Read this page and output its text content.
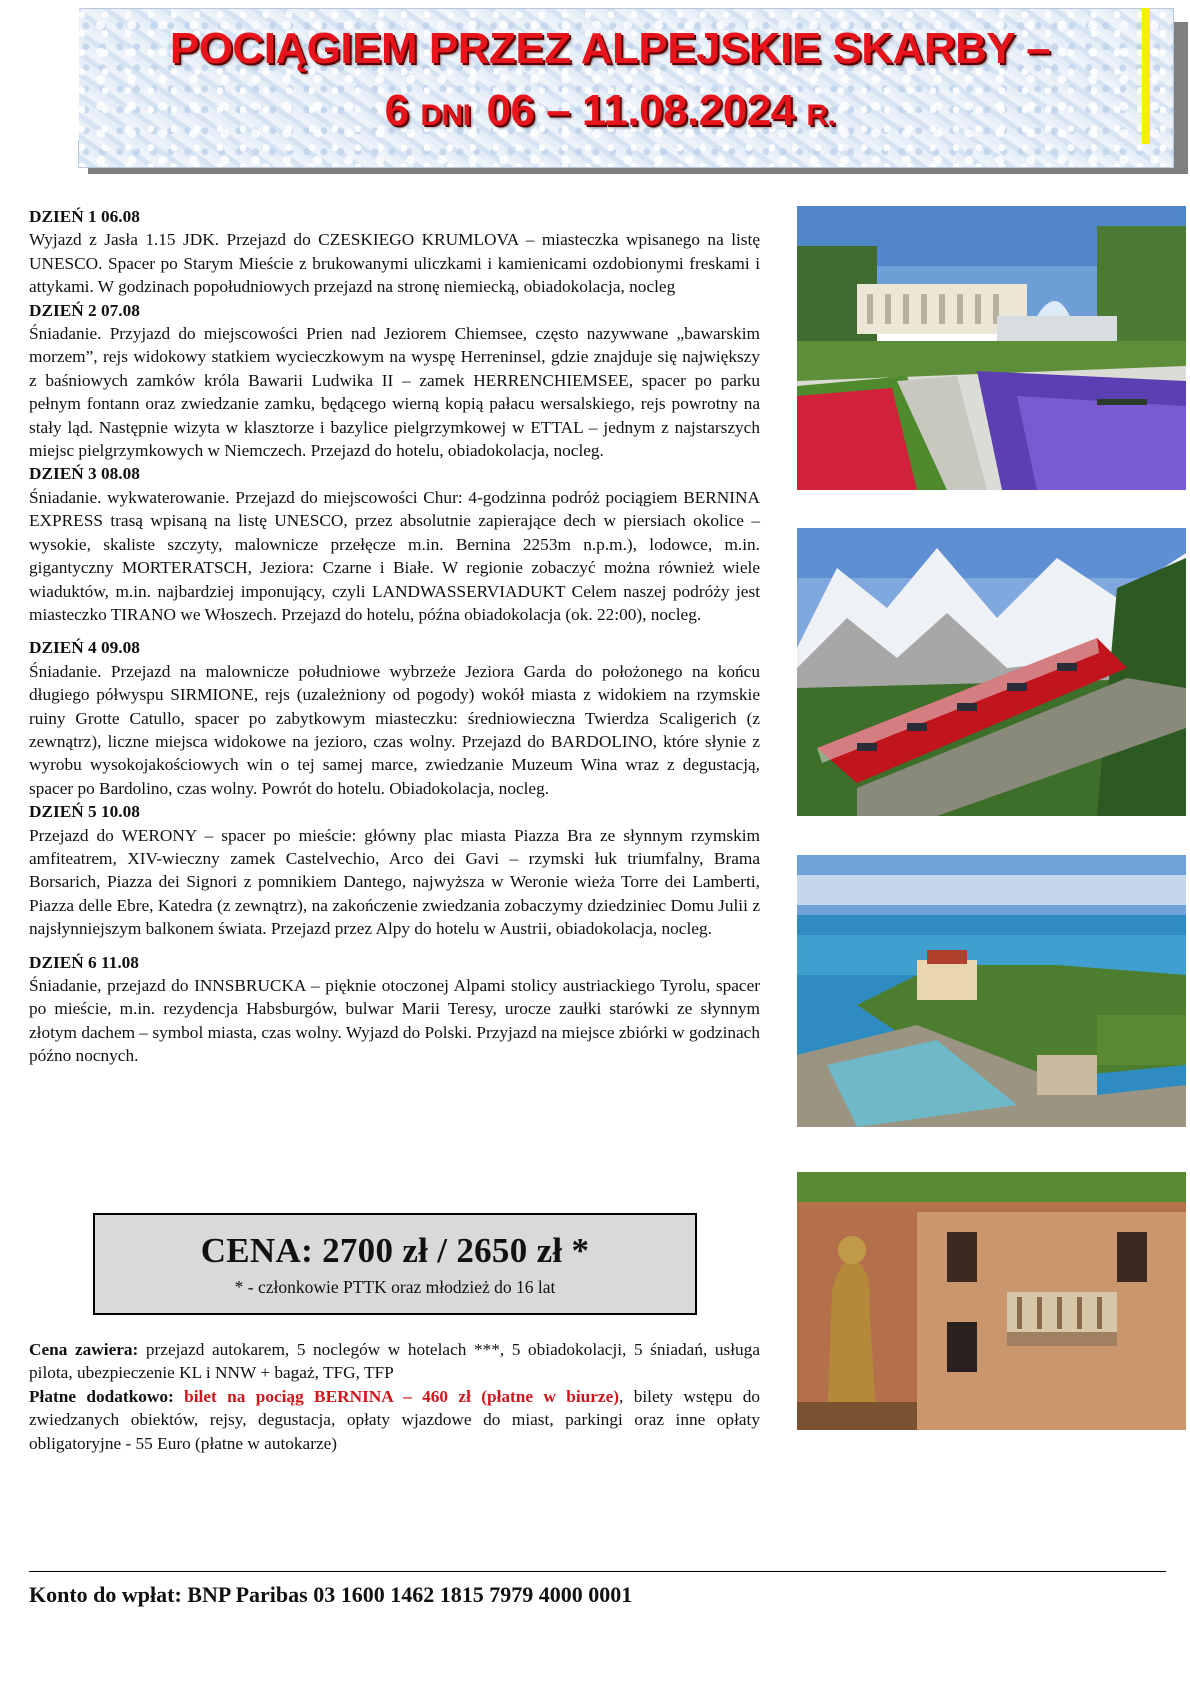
POCIĄGIEM PRZEZ ALPEJSKIE SKARBY –
6 DNI 06 – 11.08.2024 R.

DZIEŃ 1 06.08

Wyjazd z Jasła 1.15 JDK. Przejazd do CZESKIEGO KRUMLOVA – miasteczka wpisanego na listę UNESCO. Spacer po Starym Mieście z brukowanymi uliczkami i kamienicami ozdobionymi freskami i attykami. W godzinach popołudniowych przejazd na stronę niemiecką, obiadokolacja, nocleg

DZIEŃ 2 07.08

Śniadanie. Przyjazd do miejscowości Prien nad Jeziorem Chiemsee, często nazywwane „bawarskim morzem”, rejs widokowy statkiem wycieczkowym na wyspę Herreninsel, gdzie znajduje się największy z baśniowych zamków króla Bawarii Ludwika II – zamek HERRENCHIEMSEE, spacer po parku pełnym fontann oraz zwiedzanie zamku, będącego wierną kopią pałacu wersalskiego, rejs powrotny na stały ląd. Następnie wizyta w klasztorze i bazylice pielgrzymkowej w ETTAL – jednym z najstarszych miejsc pielgrzymkowych w Niemczech. Przejazd do hotelu, obiadokolacja, nocleg.

DZIEŃ 3 08.08

Śniadanie. wykwaterowanie. Przejazd do miejscowości Chur: 4-godzinna podróż pociągiem BERNINA EXPRESS trasą wpisaną na listę UNESCO, przez absolutnie zapierające dech w piersiach okolice – wysokie, skaliste szczyty, malownicze przełęcze m.in. Bernina 2253m n.p.m.), lodowce, m.in. gigantyczny MORTERATSCH, Jeziora: Czarne i Białe. W regionie zobaczyć można również wiele wiaduktów, m.in. najbardziej imponujący, czyli LANDWASSERVIADUKT Celem naszej podróży jest miasteczko TIRANO we Włoszech. Przejazd do hotelu, późna obiadokolacja (ok. 22:00), nocleg.

DZIEŃ 4 09.08

Śniadanie. Przejazd na malownicze południowe wybrzeże Jeziora Garda do położonego na końcu długiego półwyspu SIRMIONE, rejs (uzależniony od pogody) wokół miasta z widokiem na rzymskie ruiny Grotte Catullo, spacer po zabytkowym miasteczku: średniowieczna Twierdza Scaligerich (z zewnątrz), liczne miejsca widokowe na jezioro, czas wolny. Przejazd do BARDOLINO, które słynie z wyrobu wysokojakościowych win o tej samej marce, zwiedzanie Muzeum Wina wraz z degustacją, spacer po Bardolino, czas wolny. Powrót do hotelu. Obiadokolacja, nocleg.

DZIEŃ 5 10.08

Przejazd do WERONY – spacer po mieście: główny plac miasta Piazza Bra ze słynnym rzymskim amfiteatrem, XIV-wieczny zamek Castelvechio, Arco dei Gavi – rzymski łuk triumfalny, Brama Borsarich, Piazza dei Signori z pomnikiem Dantego, najwyższa w Weronie wieża Torre dei Lamberti, Piazza delle Ebre, Katedra (z zewnątrz), na zakończenie zwiedzania zobaczymy dziedziniec Domu Julii z najsłynniejszym balkonem świata. Przejazd przez Alpy do hotelu w Austrii, obiadokolacja, nocleg.

DZIEŃ 6 11.08

Śniadanie, przejazd do INNSBRUCKA – pięknie otoczonej Alpami stolicy austriackiego Tyrolu, spacer po mieście, m.in. rezydencja Habsburgów, bulwar Marii Teresy, urocze zaułki starówki ze słynnym złotym dachem – symbol miasta, czas wolny. Wyjazd do Polski. Przyjazd na miejsce zbiórki w godzinach późno nocnych.

CENA: 2700 zł / 2650 zł *
* - członkowie PTTK oraz młodzież do 16 lat

Cena zawiera: przejazd autokarem, 5 noclegów w hotelach ***, 5 obiadokolacji, 5 śniadań, usługa pilota, ubezpieczenie KL i NNW + bagaż, TFG, TFP

Płatne dodatkowo: bilet na pociąg BERNINA – 460 zł (płatne w biurze), bilety wstępu do zwiedzanych obiektów, rejsy, degustacja, opłaty wjazdowe do miast, parkingi oraz inne opłaty obligatoryjne - 55 Euro (płatne w autokarze)

Konto do wpłat: BNP Paribas 03 1600 1462 1815 7979 4000 0001
